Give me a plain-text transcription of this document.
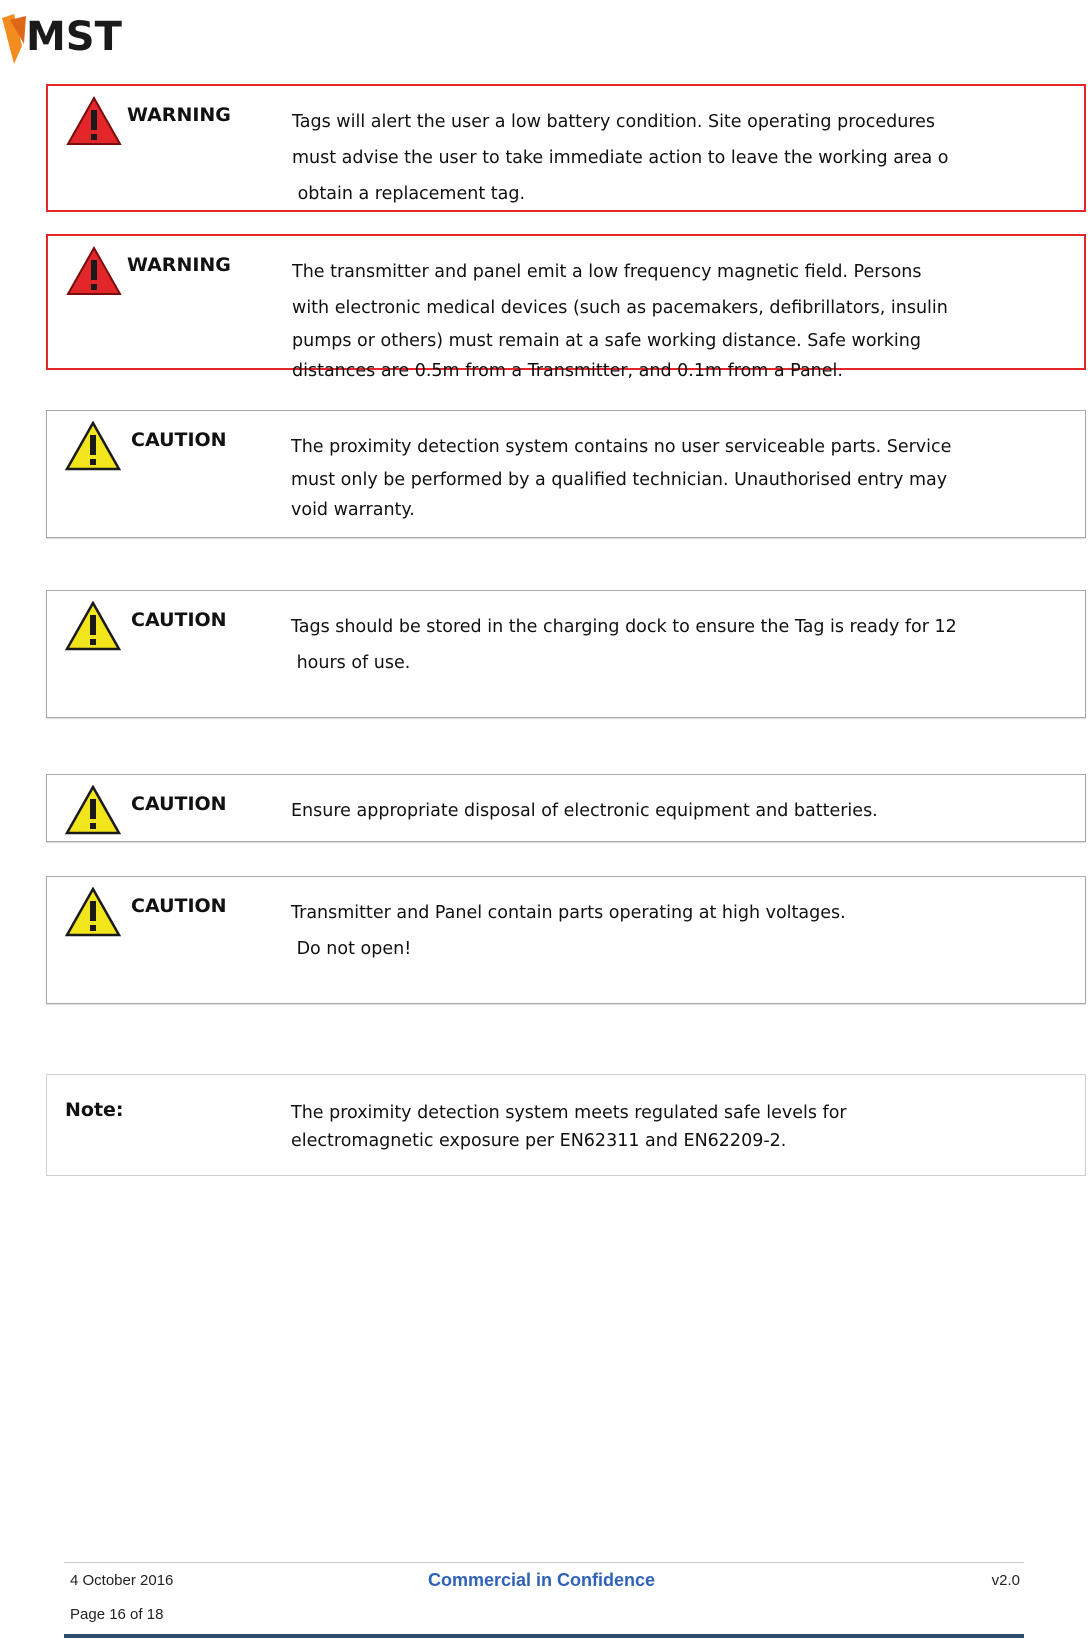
MST
WARNING	Tags will alert the user a low battery condition. Site operating procedures
must advise the user to take immediate action to leave the working area o
obtain a replacement tag.
WARNING	The transmitter and panel emit a low frequency magnetic field. Persons
with electronic medical devices (such as pacemakers, defibrillators, insulin
pumps or others) must remain at a safe working distance. Safe working
distances are 0.5m from a Transmitter, and 0.1m from a Panel.
CAUTION	The proximity detection system contains no user serviceable parts. Service
must only be performed by a qualified technician. Unauthorised entry may
void warranty.
CAUTION	Tags should be stored in the charging dock to ensure the Tag is ready for 12
hours of use.
CAUTION	Ensure appropriate disposal of electronic equipment and batteries.
CAUTION	Transmitter and Panel contain parts operating at high voltages.
Do not open!
Note:	The proximity detection system meets regulated safe levels for
electromagnetic exposure per EN62311 and EN62209-2.
4 October 2016	Commercial in Confidence	v2.0
Page 16 of 18
